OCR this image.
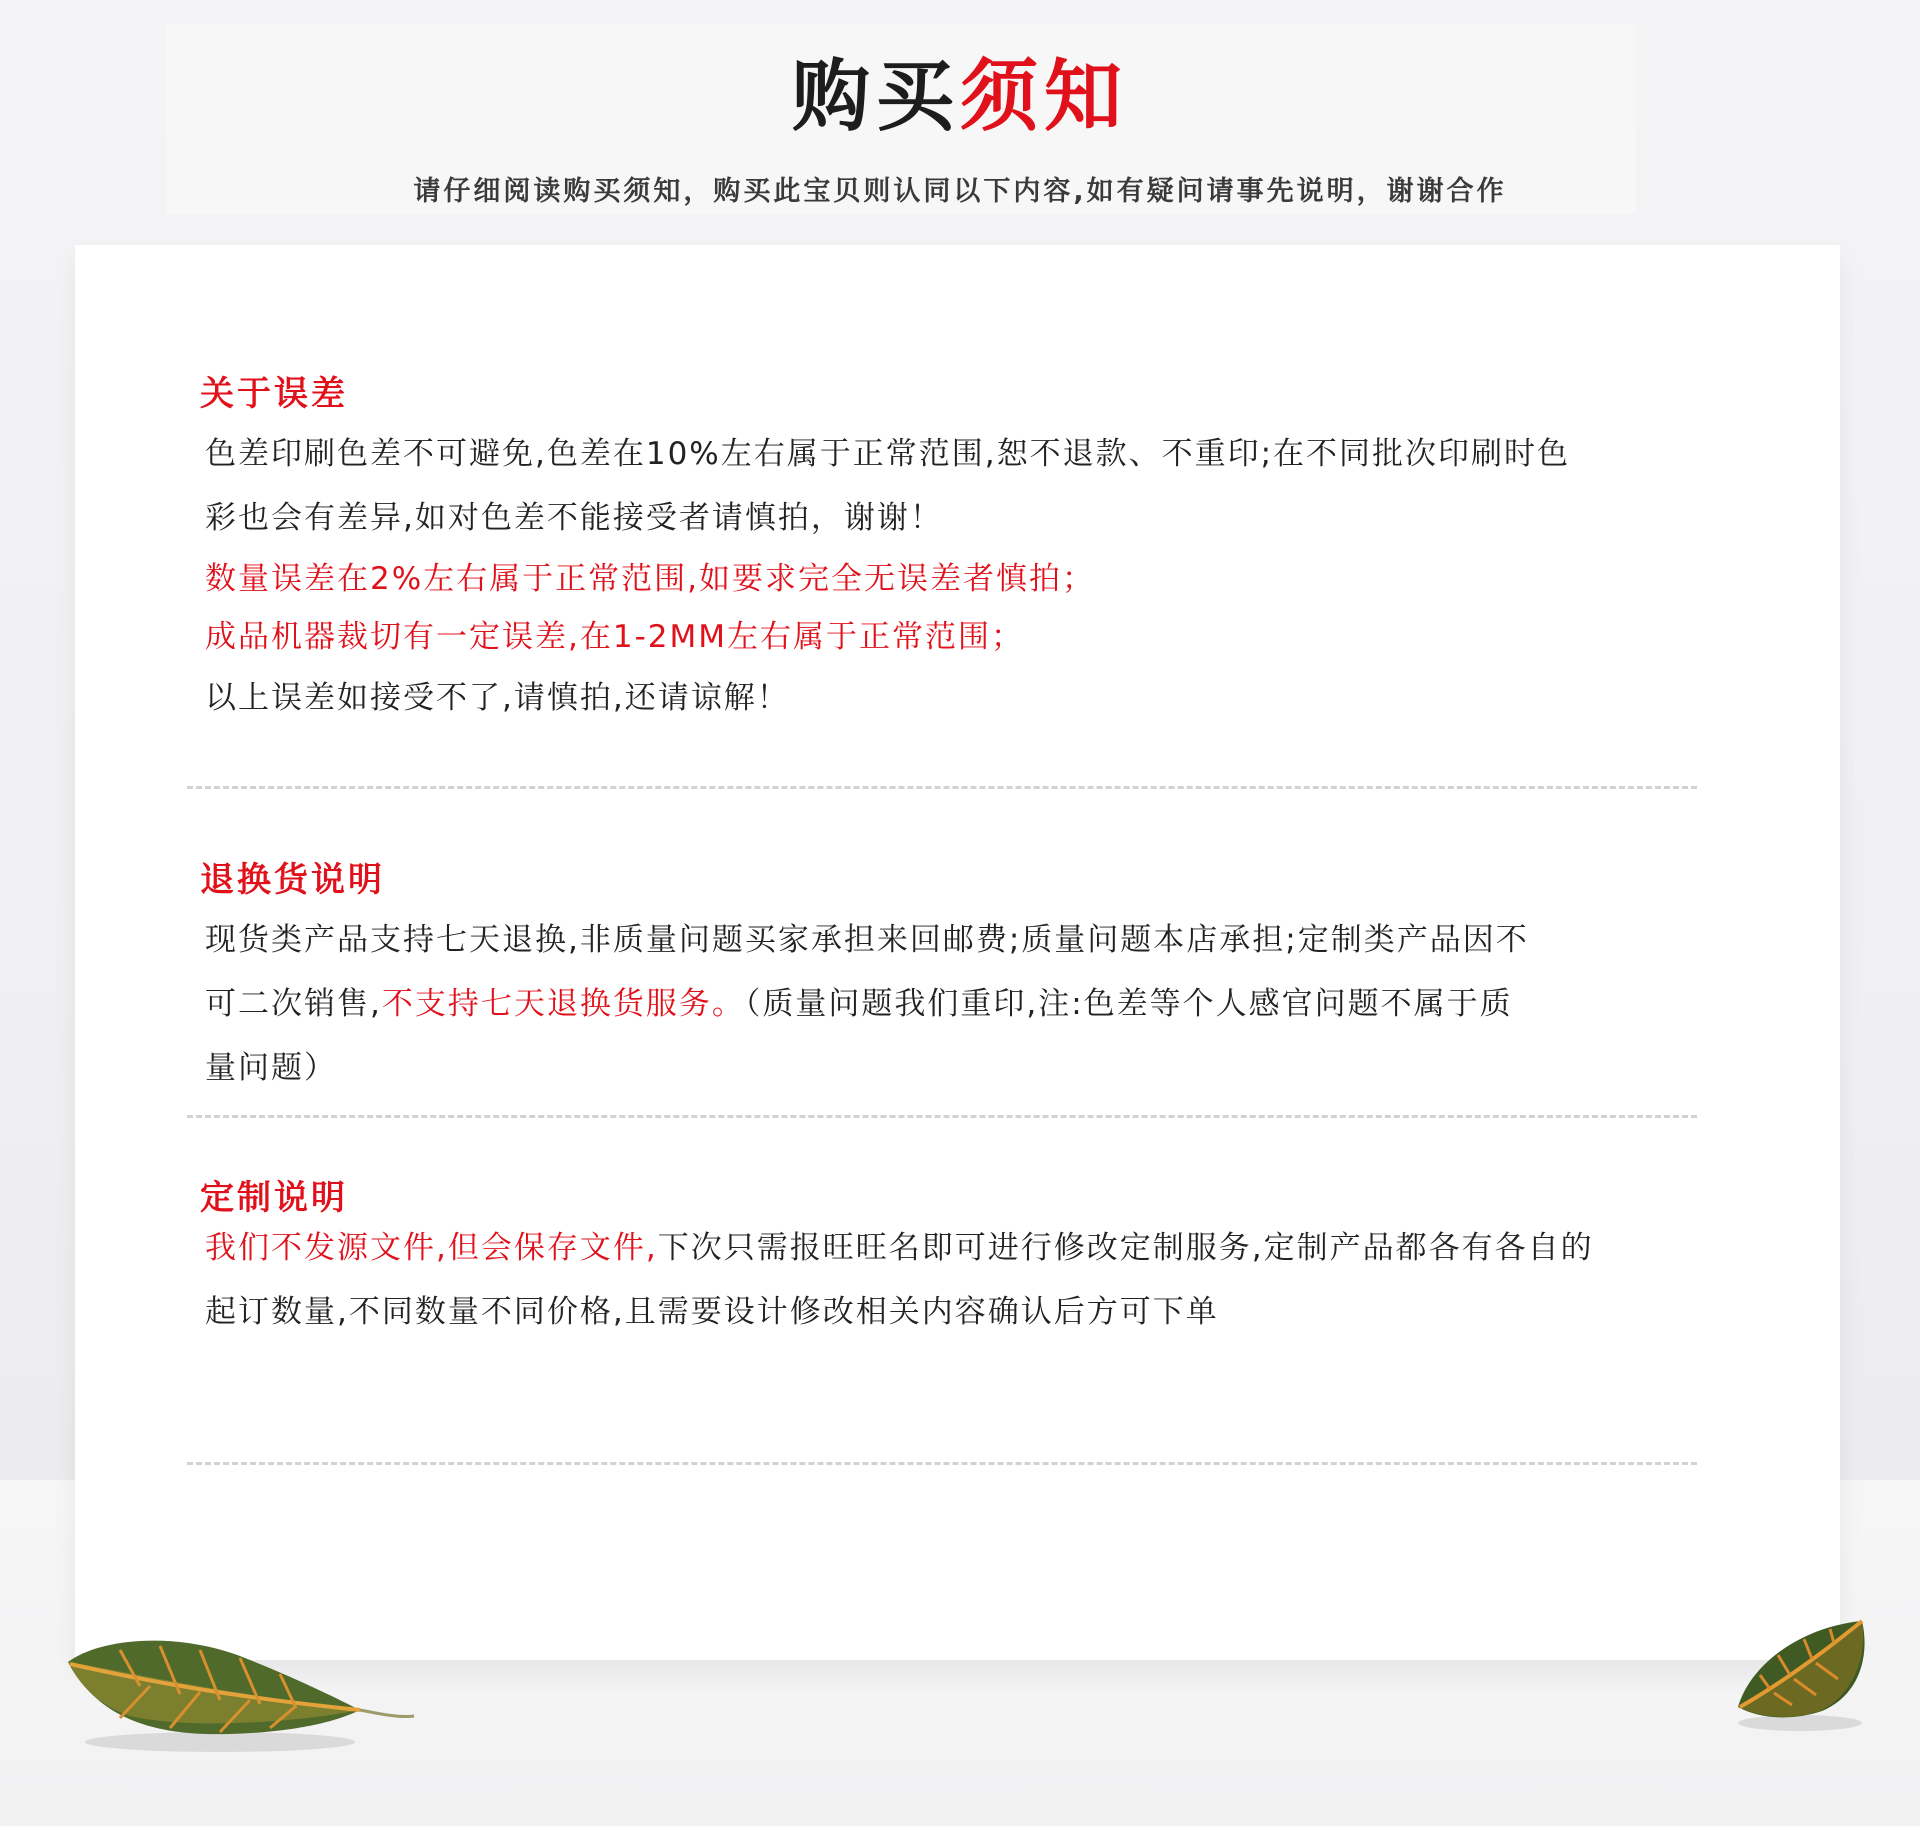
购买须知
请仔细阅读购买须知，购买此宝贝则认同以下内容,如有疑问请事先说明，谢谢合作
关于误差
色差印刷色差不可避免,色差在10%左右属于正常范围,恕不退款、不重印;在不同批次印刷时色
彩也会有差异,如对色差不能接受者请慎拍，谢谢！
数量误差在2%左右属于正常范围,如要求完全无误差者慎拍；
成品机器裁切有一定误差,在1-2MM左右属于正常范围；
以上误差如接受不了,请慎拍,还请谅解！
退换货说明
现货类产品支持七天退换,非质量问题买家承担来回邮费;质量问题本店承担;定制类产品因不
可二次销售,不支持七天退换货服务。（质量问题我们重印,注:色差等个人感官问题不属于质
量问题）
定制说明
我们不发源文件,但会保存文件,下次只需报旺旺名即可进行修改定制服务,定制产品都各有各自的
起订数量,不同数量不同价格,且需要设计修改相关内容确认后方可下单
